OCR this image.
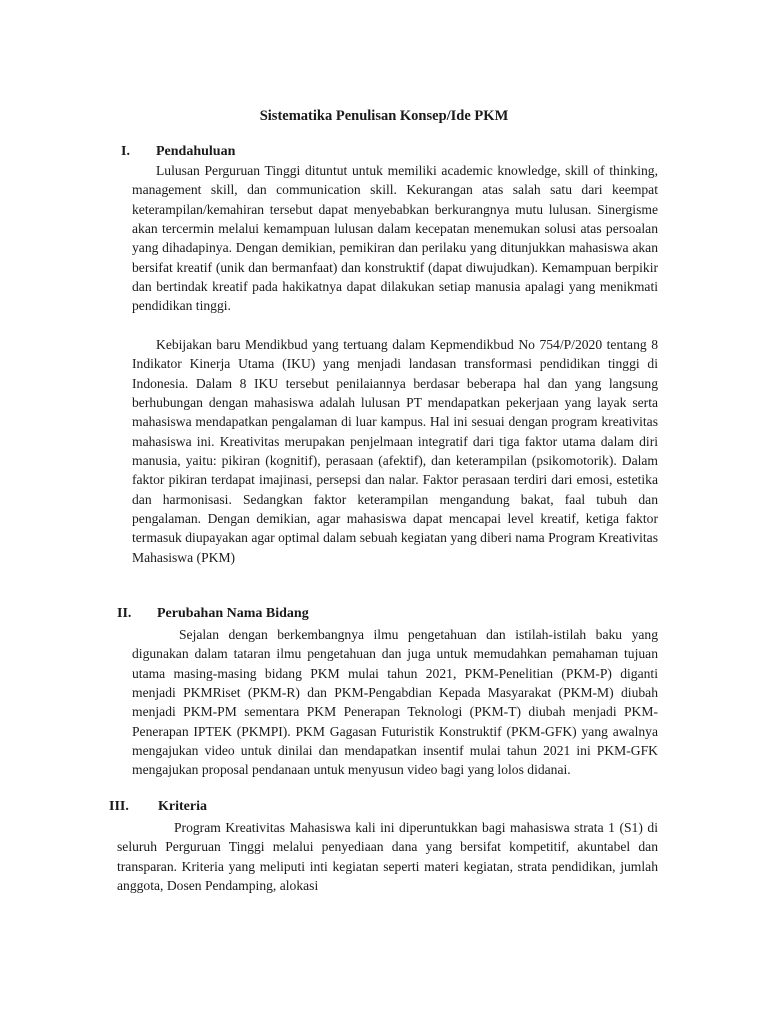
Sistematika Penulisan Konsep/Ide PKM
I. Pendahuluan

Lulusan Perguruan Tinggi dituntut untuk memiliki academic knowledge, skill of thinking, management skill, dan communication skill. Kekurangan atas salah satu dari keempat keterampilan/kemahiran tersebut dapat menyebabkan berkurangnya mutu lulusan. Sinergisme akan tercermin melalui kemampuan lulusan dalam kecepatan menemukan solusi atas persoalan yang dihadapinya. Dengan demikian, pemikiran dan perilaku yang ditunjukkan mahasiswa akan bersifat kreatif (unik dan bermanfaat) dan konstruktif (dapat diwujudkan). Kemampuan berpikir dan bertindak kreatif pada hakikatnya dapat dilakukan setiap manusia apalagi yang menikmati pendidikan tinggi.

Kebijakan baru Mendikbud yang tertuang dalam Kepmendikbud No 754/P/2020 tentang 8 Indikator Kinerja Utama (IKU) yang menjadi landasan transformasi pendidikan tinggi di Indonesia. Dalam 8 IKU tersebut penilaiannya berdasar beberapa hal dan yang langsung berhubungan dengan mahasiswa adalah lulusan PT mendapatkan pekerjaan yang layak serta mahasiswa mendapatkan pengalaman di luar kampus. Hal ini sesuai dengan program kreativitas mahasiswa ini. Kreativitas merupakan penjelmaan integratif dari tiga faktor utama dalam diri manusia, yaitu: pikiran (kognitif), perasaan (afektif), dan keterampilan (psikomotorik). Dalam faktor pikiran terdapat imajinasi, persepsi dan nalar. Faktor perasaan terdiri dari emosi, estetika dan harmonisasi. Sedangkan faktor keterampilan mengandung bakat, faal tubuh dan pengalaman. Dengan demikian, agar mahasiswa dapat mencapai level kreatif, ketiga faktor termasuk diupayakan agar optimal dalam sebuah kegiatan yang diberi nama Program Kreativitas Mahasiswa (PKM)

II. Perubahan Nama Bidang

Sejalan dengan berkembangnya ilmu pengetahuan dan istilah-istilah baku yang digunakan dalam tataran ilmu pengetahuan dan juga untuk memudahkan pemahaman tujuan utama masing-masing bidang PKM mulai tahun 2021, PKM-Penelitian (PKM-P) diganti menjadi PKMRiset (PKM-R) dan PKM-Pengabdian Kepada Masyarakat (PKM-M) diubah menjadi PKM-PM sementara PKM Penerapan Teknologi (PKM-T) diubah menjadi PKM-Penerapan IPTEK (PKMPI). PKM Gagasan Futuristik Konstruktif (PKM-GFK) yang awalnya mengajukan video untuk dinilai dan mendapatkan insentif mulai tahun 2021 ini PKM-GFK mengajukan proposal pendanaan untuk menyusun video bagi yang lolos didanai.

III. Kriteria

Program Kreativitas Mahasiswa kali ini diperuntukkan bagi mahasiswa strata 1 (S1) di seluruh Perguruan Tinggi melalui penyediaan dana yang bersifat kompetitif, akuntabel dan transparan. Kriteria yang meliputi inti kegiatan seperti materi kegiatan, strata pendidikan, jumlah anggota, Dosen Pendamping, alokasi
